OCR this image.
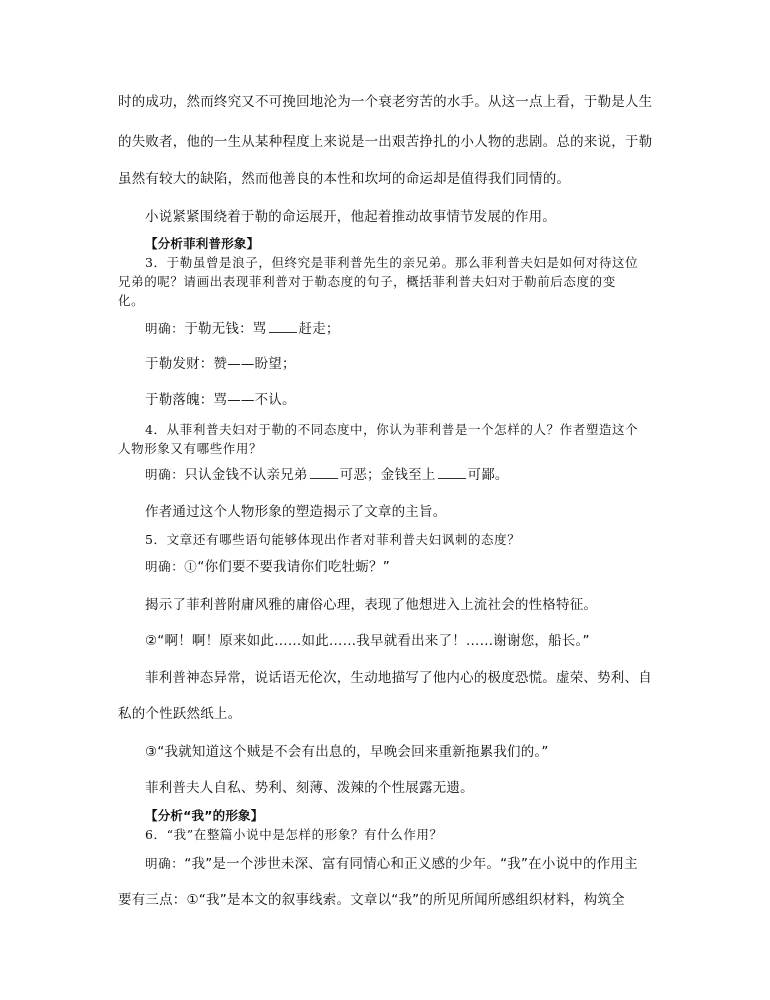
时的成功，然而终究又不可挽回地沦为一个衰老穷苦的水手。从这一点上看，于勒是人生
的失败者，他的一生从某种程度上来说是一出艰苦挣扎的小人物的悲剧。总的来说，于勒
虽然有较大的缺陷，然而他善良的本性和坎坷的命运却是值得我们同情的。
小说紧紧围绕着于勒的命运展开，他起着推动故事情节发展的作用。
【分析菲利普形象】
3．于勒虽曾是浪子，但终究是菲利普先生的亲兄弟。那么菲利普夫妇是如何对待这位
兄弟的呢？请画出表现菲利普对于勒态度的句子，概括菲利普夫妇对于勒前后态度的变
化。
明确：于勒无钱：骂 赶走；
于勒发财：赞——盼望；
于勒落魄：骂——不认。
4．从菲利普夫妇对于勒的不同态度中，你认为菲利普是一个怎样的人？作者塑造这个
人物形象又有哪些作用？
明确：只认金钱不认亲兄弟 可恶；金钱至上 可鄙。
作者通过这个人物形象的塑造揭示了文章的主旨。
5．文章还有哪些语句能够体现出作者对菲利普夫妇讽刺的态度？
明确：①“你们要不要我请你们吃牡蛎？”
揭示了菲利普附庸风雅的庸俗心理，表现了他想进入上流社会的性格特征。
②“啊！啊！原来如此……如此……我早就看出来了！……谢谢您，船长。”
菲利普神态异常，说话语无伦次，生动地描写了他内心的极度恐慌。虚荣、势利、自
私的个性跃然纸上。
③“我就知道这个贼是不会有出息的，早晚会回来重新拖累我们的。”
菲利普夫人自私、势利、刻薄、泼辣的个性展露无遗。
【分析“我”的形象】
6．“我”在整篇小说中是怎样的形象？有什么作用？
明确：“我”是一个涉世未深、富有同情心和正义感的少年。“我”在小说中的作用主
要有三点：①“我”是本文的叙事线索。文章以“我”的所见所闻所感组织材料，构筑全
